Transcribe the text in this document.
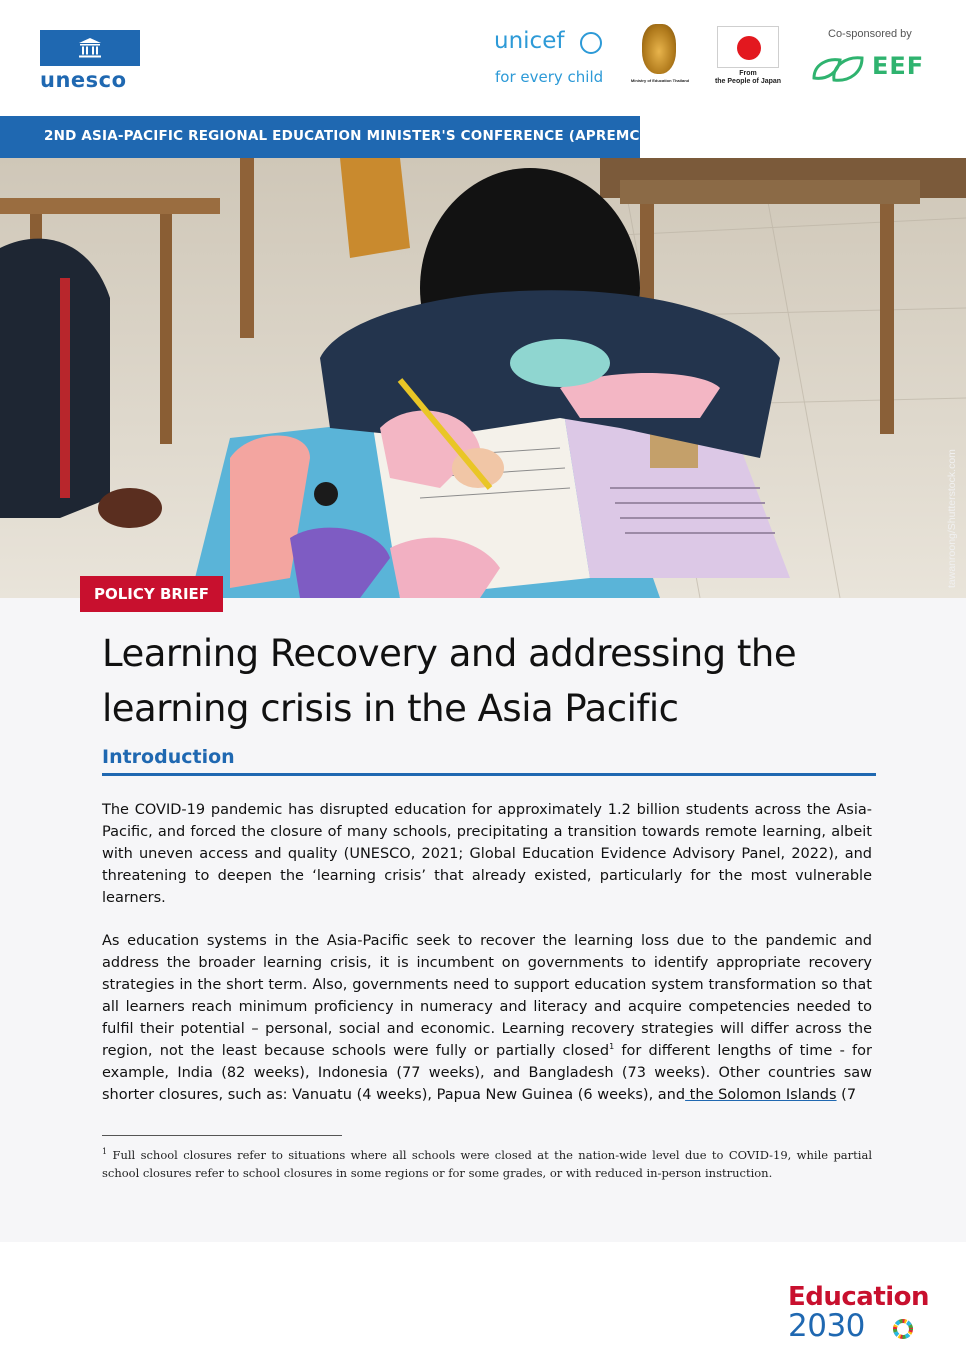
unesco
unicef
for every child	Ministry of Education Thailand
From
the People of Japan
Co-sponsored by
EEF
2ND ASIA-PACIFIC REGIONAL EDUCATION MINISTER'S CONFERENCE (APREMC-II)
tawanroong/Shutterstock.com
POLICY BRIEF
Learning Recovery and addressing the
learning crisis in the Asia Pacific
Introduction
The COVID-19 pandemic has disrupted education for approximately 1.2 billion students across the Asia-Pacific, and forced the closure of many schools, precipitating a transition towards remote learning, albeit with uneven access and quality (UNESCO, 2021; Global Education Evidence Advisory Panel, 2022), and threatening to deepen the ‘learning crisis’ that already existed, particularly for the most vulnerable learners.
As education systems in the Asia-Pacific seek to recover the learning loss due to the pandemic and address the broader learning crisis, it is incumbent on governments to identify appropriate recovery strategies in the short term. Also, governments need to support education system transformation so that all learners reach minimum proficiency in numeracy and literacy and acquire competencies needed to fulfil their potential – personal, social and economic. Learning recovery strategies will differ across the region, not the least because schools were fully or partially closed$^1$ for different lengths of time - for example, India (82 weeks), Indonesia (77 weeks), and Bangladesh (73 weeks). Other countries saw shorter closures, such as: Vanuatu (4 weeks), Papua New Guinea (6 weeks), and the Solomon Islands (7
$^1$ Full school closures refer to situations where all schools were closed at the nation-wide level due to COVID-19, while partial school closures refer to school closures in some regions or for some grades, or with reduced in-person instruction.
Education
2030
